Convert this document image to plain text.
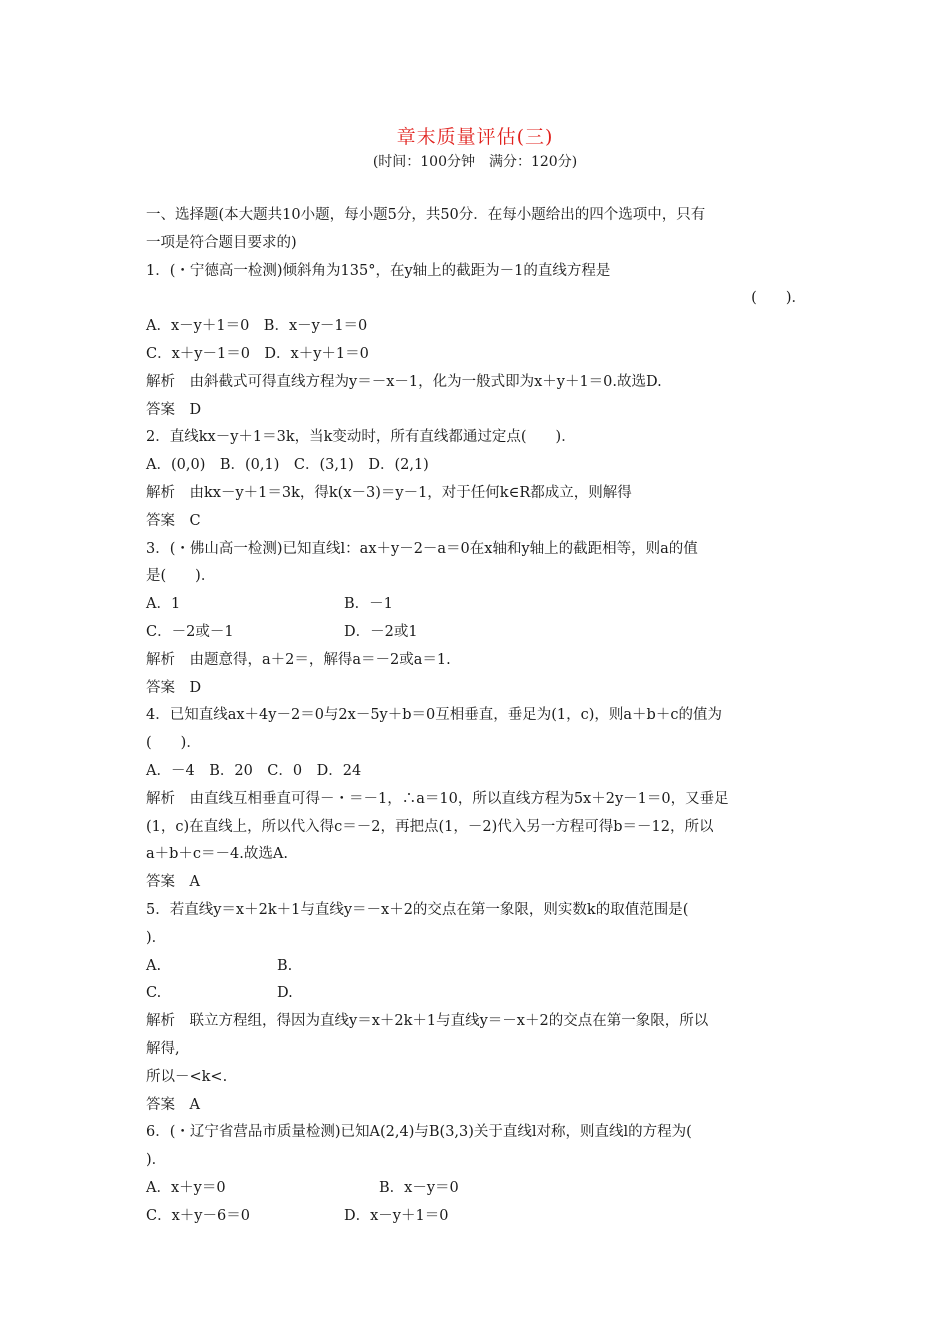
章末质量评估(三)
(时间：100分钟　满分：120分)
一、选择题(本大题共10小题，每小题5分，共50分．在每小题给出的四个选项中，只有
一项是符合题目要求的)
1．(・宁德高一检测)倾斜角为135°，在y轴上的截距为－1的直线方程是
(　　)．
A．x－y＋1＝0　B．x－y－1＝0
C．x＋y－1＝0　D．x＋y＋1＝0
解析　由斜截式可得直线方程为y＝－x－1，化为一般式即为x＋y＋1＝0.故选D.
答案　D
2．直线kx－y＋1＝3k，当k变动时，所有直线都通过定点(　　)．
A．(0,0)　B．(0,1)　C．(3,1)　D．(2,1)
解析　由kx－y＋1＝3k，得k(x－3)＝y－1，对于任何k∈R都成立，则解得
答案　C
3．(・佛山高一检测)已知直线l：ax＋y－2－a＝0在x轴和y轴上的截距相等，则a的值
是(　　)．
A．1	B．－1
C．－2或－1	D．－2或1
解析　由题意得，a＋2＝，解得a＝－2或a＝1.
答案　D
4．已知直线ax＋4y－2＝0与2x－5y＋b＝0互相垂直，垂足为(1，c)，则a＋b＋c的值为
(　　)．
A．－4　B．20　C．0　D．24
解析　由直线互相垂直可得－・＝－1，∴a＝10，所以直线方程为5x＋2y－1＝0，又垂足
(1，c)在直线上，所以代入得c＝－2，再把点(1，－2)代入另一方程可得b＝－12，所以
a＋b＋c＝－4.故选A.
答案　A
5．若直线y＝x＋2k＋1与直线y＝－x＋2的交点在第一象限，则实数k的取值范围是(
)．
A.	B.
C.	D.
解析　联立方程组，得因为直线y＝x＋2k＋1与直线y＝－x＋2的交点在第一象限，所以
解得,
所以－<k<.
答案　A
6．(・辽宁省营品市质量检测)已知A(2,4)与B(3,3)关于直线l对称，则直线l的方程为(
)．
A．x＋y＝0	B．x－y＝0
C．x＋y－6＝0	D．x－y＋1＝0
